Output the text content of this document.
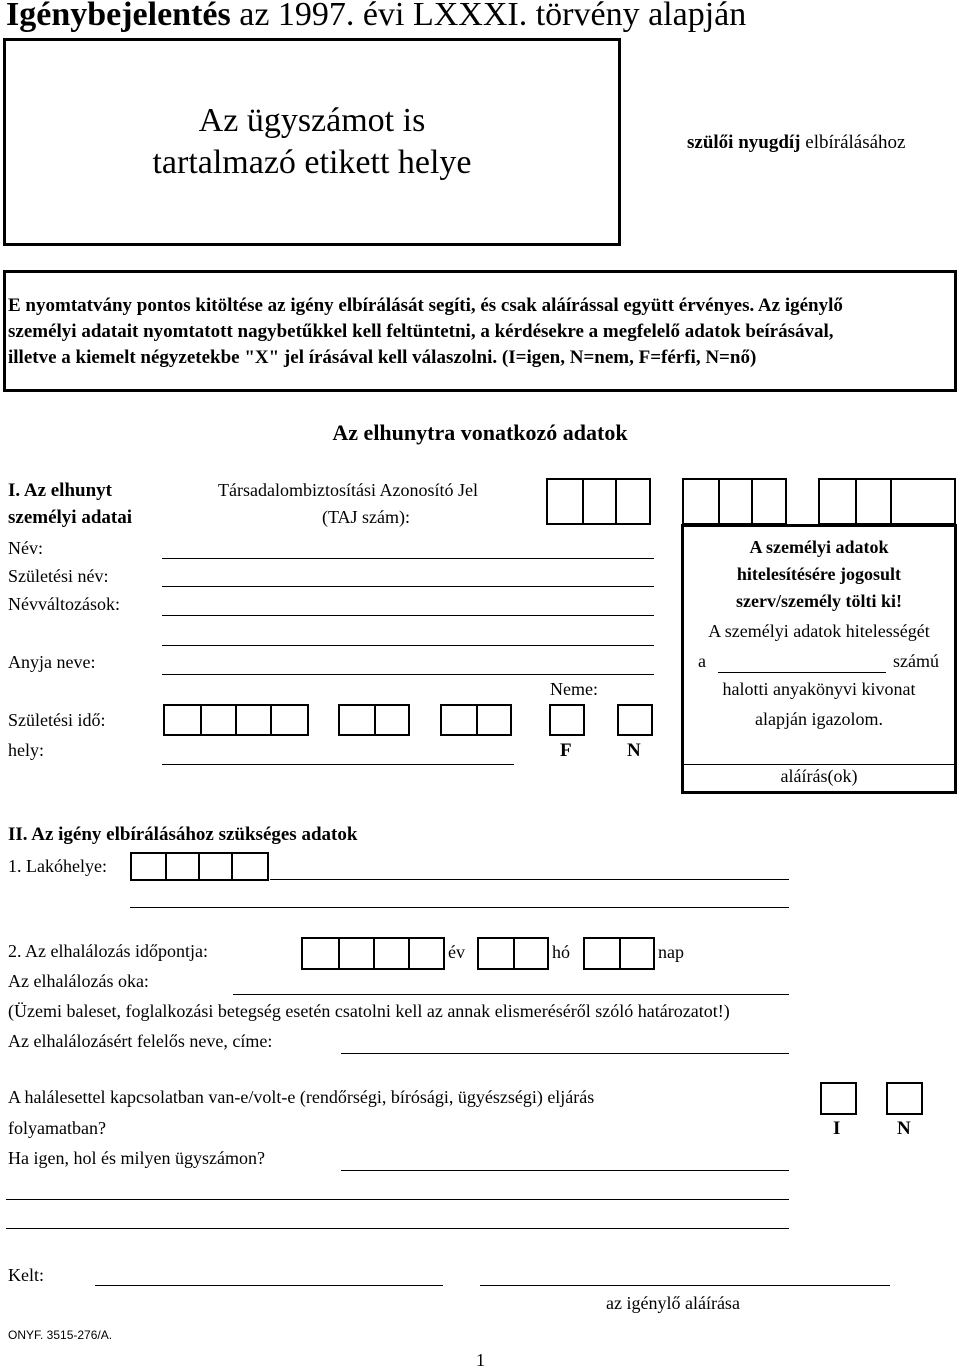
Igénybejelentés az 1997. évi LXXXI. törvény alapján
Az ügyszámot is
tartalmazó etikett helye
szülői nyugdíj elbírálásához
E nyomtatvány pontos kitöltése az igény elbírálását segíti, és csak aláírással együtt érvényes. Az igénylő
személyi adatait nyomtatott nagybetűkkel kell feltüntetni, a kérdésekre a megfelelő adatok beírásával,
illetve a kiemelt négyzetekbe "X" jel írásával kell válaszolni. (I=igen, N=nem, F=férfi, N=nő)
Az elhunytra vonatkozó adatok
I. Az elhunyt
személyi adatai
Társadalombiztosítási Azonosító Jel
(TAJ szám):
Név:
Születési név:
Névváltozások:
Anyja neve:
Neme:
Születési idő:
hely:	F	N
A személyi adatok
hitelesítésére jogosult
szerv/személy tölti ki!
A személyi adatok hitelességét
a	számú
halotti anyakönyvi kivonat
alapján igazolom.
aláírás(ok)
II. Az igény elbírálásához szükséges adatok
1. Lakóhelye:
2. Az elhalálozás időpontja:	év	hó	nap
Az elhalálozás oka:
(Üzemi baleset, foglalkozási betegség esetén csatolni kell az annak elismeréséről szóló határozatot!)
Az elhalálozásért felelős neve, címe:
A halálesettel kapcsolatban van-e/volt-e (rendőrségi, bírósági, ügyészségi) eljárás
folyamatban?	I	N
Ha igen, hol és milyen ügyszámon?
Kelt:
az igénylő aláírása
ONYF. 3515-276/A.
1
